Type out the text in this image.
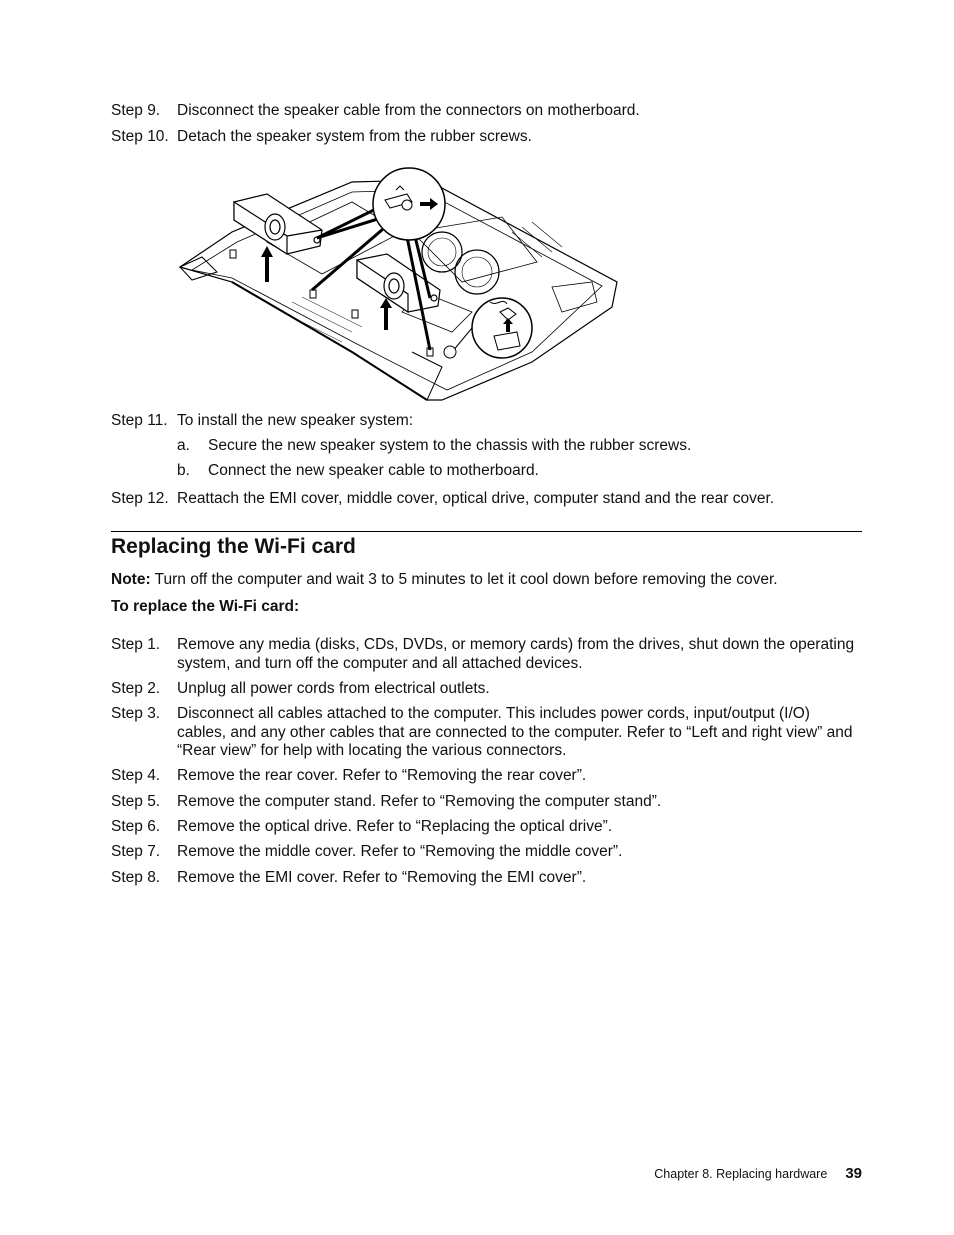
Step 9. Disconnect the speaker cable from the connectors on motherboard.
Step 10. Detach the speaker system from the rubber screws.
Step 11. To install the new speaker system:
a. Secure the new speaker system to the chassis with the rubber screws.
b. Connect the new speaker cable to motherboard.
Step 12. Reattach the EMI cover, middle cover, optical drive, computer stand and the rear cover.
Replacing the Wi-Fi card
Note: Turn off the computer and wait 3 to 5 minutes to let it cool down before removing the cover.
To replace the Wi-Fi card:
Step 1. Remove any media (disks, CDs, DVDs, or memory cards) from the drives, shut down the operating system, and turn off the computer and all attached devices.
Step 2. Unplug all power cords from electrical outlets.
Step 3. Disconnect all cables attached to the computer. This includes power cords, input/output (I/O) cables, and any other cables that are connected to the computer. Refer to “Left and right view” and “Rear view” for help with locating the various connectors.
Step 4. Remove the rear cover. Refer to “Removing the rear cover”.
Step 5. Remove the computer stand. Refer to “Removing the computer stand”.
Step 6. Remove the optical drive. Refer to “Replacing the optical drive”.
Step 7. Remove the middle cover. Refer to “Removing the middle cover”.
Step 8. Remove the EMI cover. Refer to “Removing the EMI cover”.
Chapter 8. Replacing hardware 39
